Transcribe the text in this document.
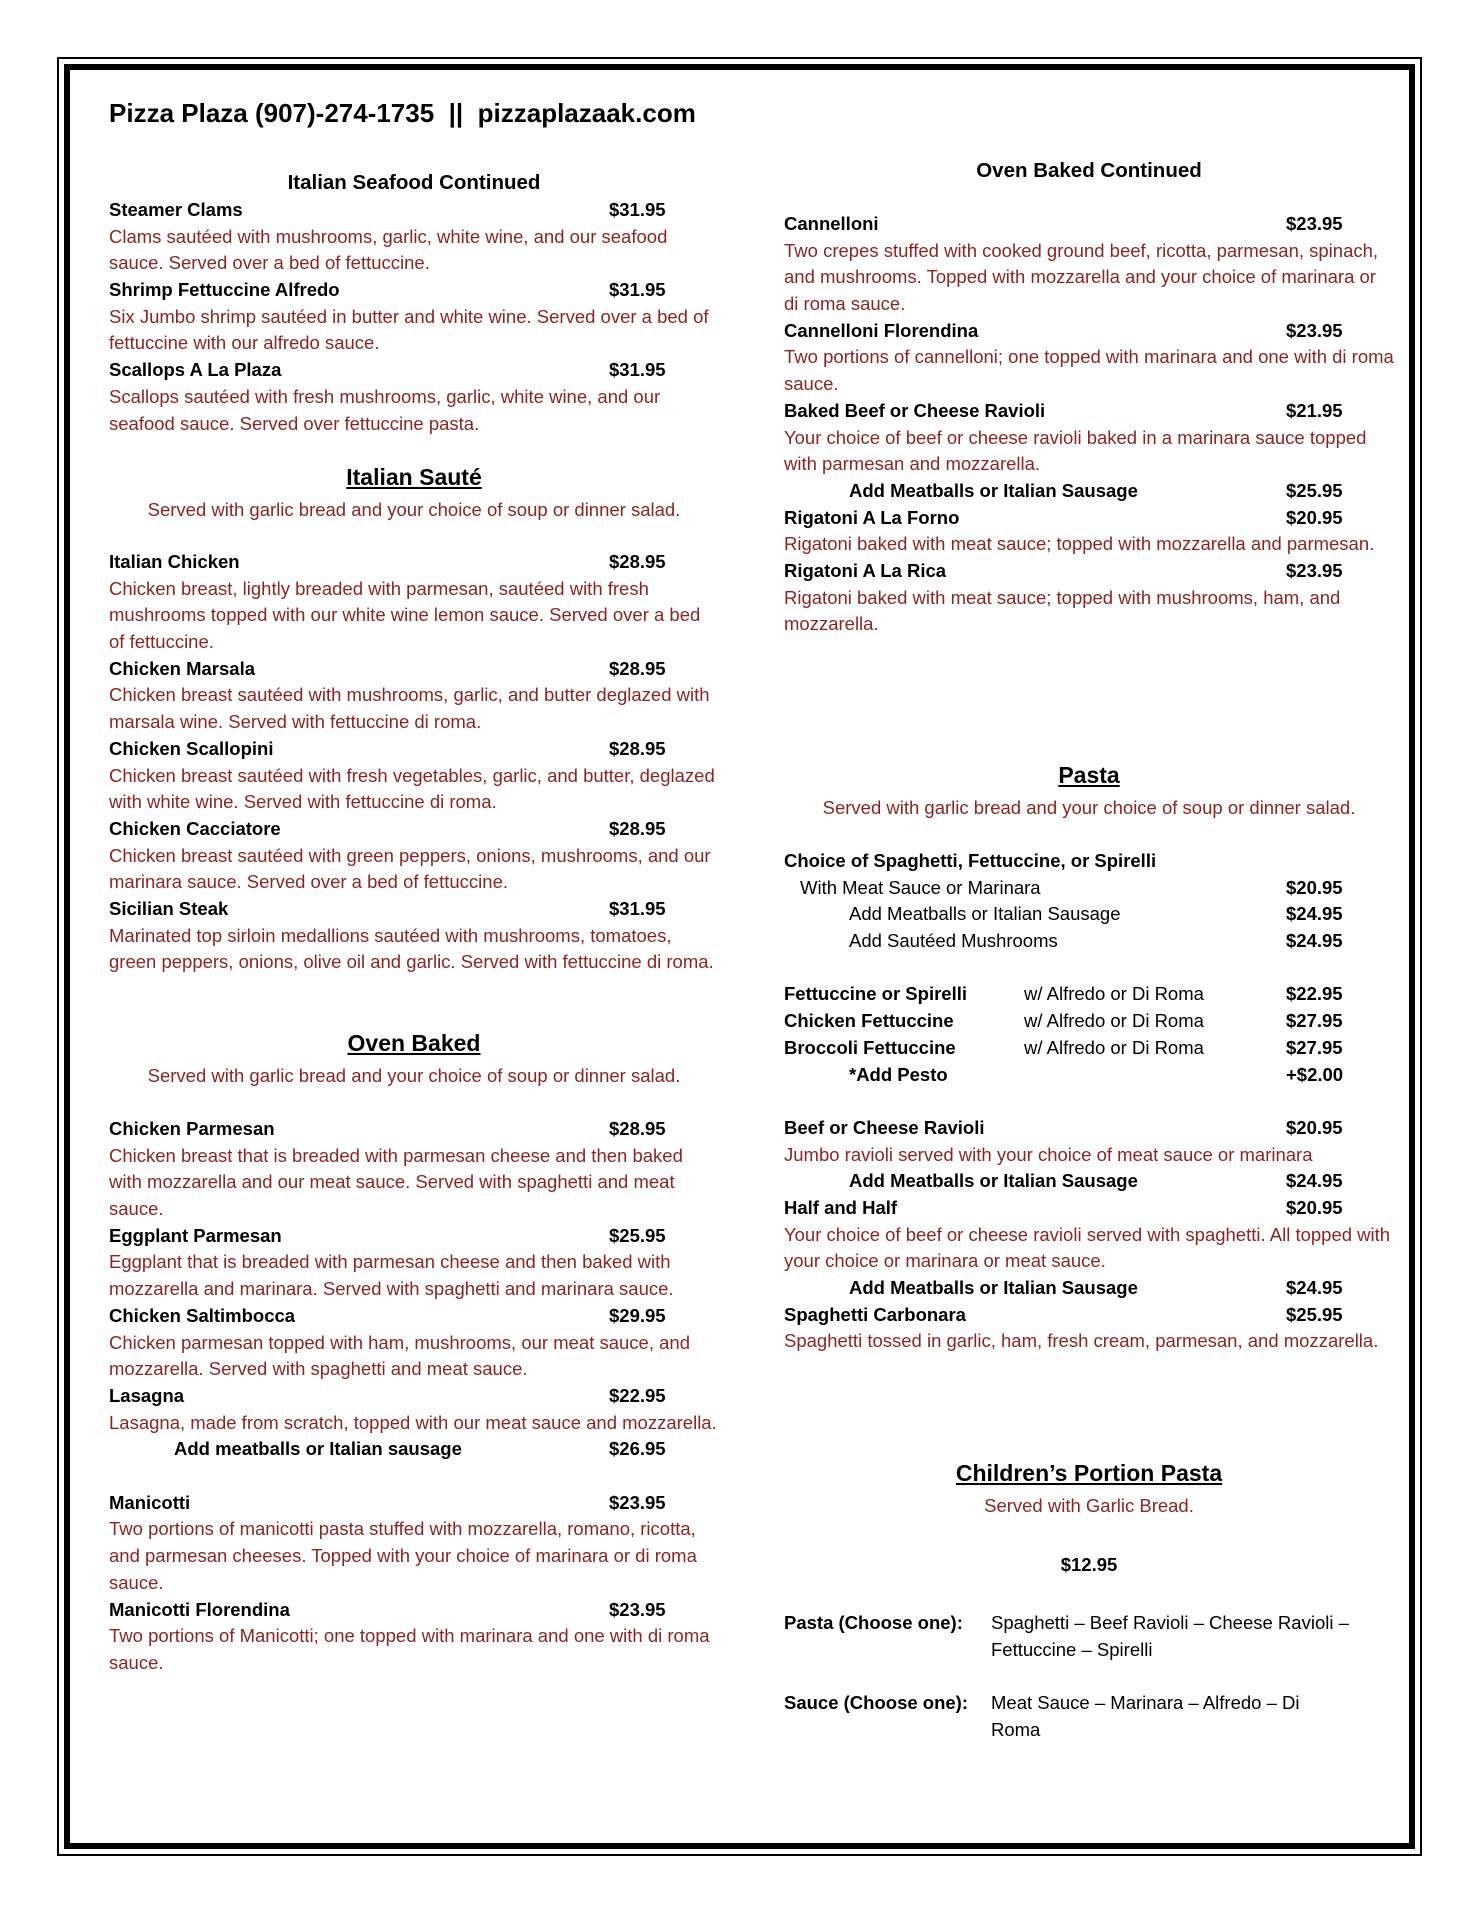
Pizza Plaza (907)-274-1735  ||  pizzaplazaak.com
Italian Seafood Continued
Steamer Clams	$31.95
Clams sautéed with mushrooms, garlic, white wine, and our seafood sauce. Served over a bed of fettuccine.
Shrimp Fettuccine Alfredo	$31.95
Six Jumbo shrimp sautéed in butter and white wine. Served over a bed of fettuccine with our alfredo sauce.
Scallops A La Plaza	$31.95
Scallops sautéed with fresh mushrooms, garlic, white wine, and our seafood sauce. Served over fettuccine pasta.
Italian Sauté
Served with garlic bread and your choice of soup or dinner salad.
Italian Chicken	$28.95
Chicken breast, lightly breaded with parmesan, sautéed with fresh mushrooms topped with our white wine lemon sauce. Served over a bed of fettuccine.
Chicken Marsala	$28.95
Chicken breast sautéed with mushrooms, garlic, and butter deglazed with marsala wine. Served with fettuccine di roma.
Chicken Scallopini	$28.95
Chicken breast sautéed with fresh vegetables, garlic, and butter, deglazed with white wine. Served with fettuccine di roma.
Chicken Cacciatore	$28.95
Chicken breast sautéed with green peppers, onions, mushrooms, and our marinara sauce. Served over a bed of fettuccine.
Sicilian Steak	$31.95
Marinated top sirloin medallions sautéed with mushrooms, tomatoes, green peppers, onions, olive oil and garlic. Served with fettuccine di roma.
Oven Baked
Served with garlic bread and your choice of soup or dinner salad.
Chicken Parmesan	$28.95
Chicken breast that is breaded with parmesan cheese and then baked with mozzarella and our meat sauce. Served with spaghetti and meat sauce.
Eggplant Parmesan	$25.95
Eggplant that is breaded with parmesan cheese and then baked with mozzarella and marinara. Served with spaghetti and marinara sauce.
Chicken Saltimbocca	$29.95
Chicken parmesan topped with ham, mushrooms, our meat sauce, and mozzarella. Served with spaghetti and meat sauce.
Lasagna	$22.95
Lasagna, made from scratch, topped with our meat sauce and mozzarella.
Add meatballs or Italian sausage	$26.95
Manicotti	$23.95
Two portions of manicotti pasta stuffed with mozzarella, romano, ricotta, and parmesan cheeses. Topped with your choice of marinara or di roma sauce.
Manicotti Florendina	$23.95
Two portions of Manicotti; one topped with marinara and one with di roma sauce.
Oven Baked Continued
Cannelloni	$23.95
Two crepes stuffed with cooked ground beef, ricotta, parmesan, spinach, and mushrooms. Topped with mozzarella and your choice of marinara or di roma sauce.
Cannelloni Florendina	$23.95
Two portions of cannelloni; one topped with marinara and one with di roma sauce.
Baked Beef or Cheese Ravioli	$21.95
Your choice of beef or cheese ravioli baked in a marinara sauce topped with parmesan and mozzarella.
Add Meatballs or Italian Sausage	$25.95
Rigatoni A La Forno	$20.95
Rigatoni baked with meat sauce; topped with mozzarella and parmesan.
Rigatoni A La Rica	$23.95
Rigatoni baked with meat sauce; topped with mushrooms, ham, and mozzarella.
Pasta
Served with garlic bread and your choice of soup or dinner salad.
Choice of Spaghetti, Fettuccine, or Spirelli
With Meat Sauce or Marinara	$20.95
Add Meatballs or Italian Sausage	$24.95
Add Sautéed Mushrooms	$24.95
Fettuccine or Spirelli	w/ Alfredo or Di Roma	$22.95
Chicken Fettuccine	w/ Alfredo or Di Roma	$27.95
Broccoli Fettuccine	w/ Alfredo or Di Roma	$27.95
*Add Pesto	+$2.00
Beef or Cheese Ravioli	$20.95
Jumbo ravioli served with your choice of meat sauce or marinara
Add Meatballs or Italian Sausage	$24.95
Half and Half	$20.95
Your choice of beef or cheese ravioli served with spaghetti. All topped with your choice or marinara or meat sauce.
Add Meatballs or Italian Sausage	$24.95
Spaghetti Carbonara	$25.95
Spaghetti tossed in garlic, ham, fresh cream, parmesan, and mozzarella.
Children’s Portion Pasta
Served with Garlic Bread.
$12.95
Pasta (Choose one): Spaghetti – Beef Ravioli – Cheese Ravioli – Fettuccine – Spirelli
Sauce (Choose one): Meat Sauce – Marinara – Alfredo – Di Roma
